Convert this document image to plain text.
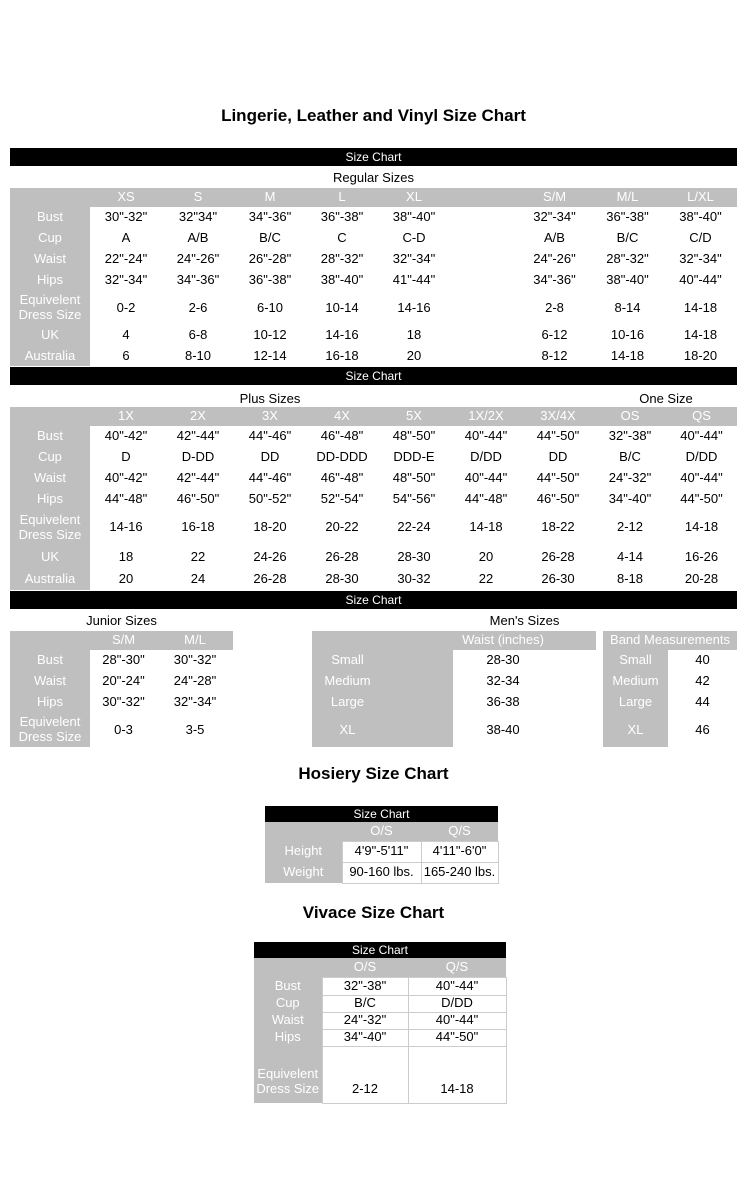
Lingerie, Leather and Vinyl Size Chart
Size Chart
Regular Sizes
	XS	S	M	L	XL		S/M	M/L	L/XL
Bust	30"-32"	32"34"	34"-36"	36"-38"	38"-40"		32"-34"	36"-38"	38"-40"
Cup	A	A/B	B/C	C	C-D		A/B	B/C	C/D
Waist	22"-24"	24"-26"	26"-28"	28"-32"	32"-34"		24"-26"	28"-32"	32"-34"
Hips	32"-34"	34"-36"	36"-38"	38"-40"	41"-44"		34"-36"	38"-40"	40"-44"
Equivelent Dress Size	0-2	2-6	6-10	10-14	14-16		2-8	8-14	14-18
UK	4	6-8	10-12	14-16	18		6-12	10-16	14-18
Australia	6	8-10	12-14	16-18	20		8-12	14-18	18-20
Size Chart
Plus Sizes	One Size
	1X	2X	3X	4X	5X	1X/2X	3X/4X	OS	QS
Bust	40"-42"	42"-44"	44"-46"	46"-48"	48"-50"	40"-44"	44"-50"	32"-38"	40"-44"
Cup	D	D-DD	DD	DD-DDD	DDD-E	D/DD	DD	B/C	D/DD
Waist	40"-42"	42"-44"	44"-46"	46"-48"	48"-50"	40"-44"	44"-50"	24"-32"	40"-44"
Hips	44"-48"	46"-50"	50"-52"	52"-54"	54"-56"	44"-48"	46"-50"	34"-40"	44"-50"
Equivelent Dress Size	14-16	16-18	18-20	20-22	22-24	14-18	18-22	2-12	14-18
UK	18	22	24-26	26-28	28-30	20	26-28	4-14	16-26
Australia	20	24	26-28	28-30	30-32	22	26-30	8-18	20-28
Size Chart
Junior Sizes	Men's Sizes
	S/M	M/L
Bust	28"-30"	30"-32"
Waist	20"-24"	24"-28"
Hips	30"-32"	32"-34"
Equivelent Dress Size	0-3	3-5
	Waist (inches)	
Small	28-30	
Medium	32-34	
Large	36-38	
XL	38-40	
Band Measurements	
Small	40
Medium	42
Large	44
XL	46
Hosiery Size Chart
Size Chart
	O/S	Q/S
Height	4'9"-5'11"	4'11"-6'0"
Weight	90-160 lbs.	165-240 lbs.
Vivace Size Chart
Size Chart
	O/S	Q/S
Bust	32"-38"	40"-44"
Cup	B/C	D/DD
Waist	24"-32"	40"-44"
Hips	34"-40"	44"-50"
Equivelent Dress Size	2-12	14-18
